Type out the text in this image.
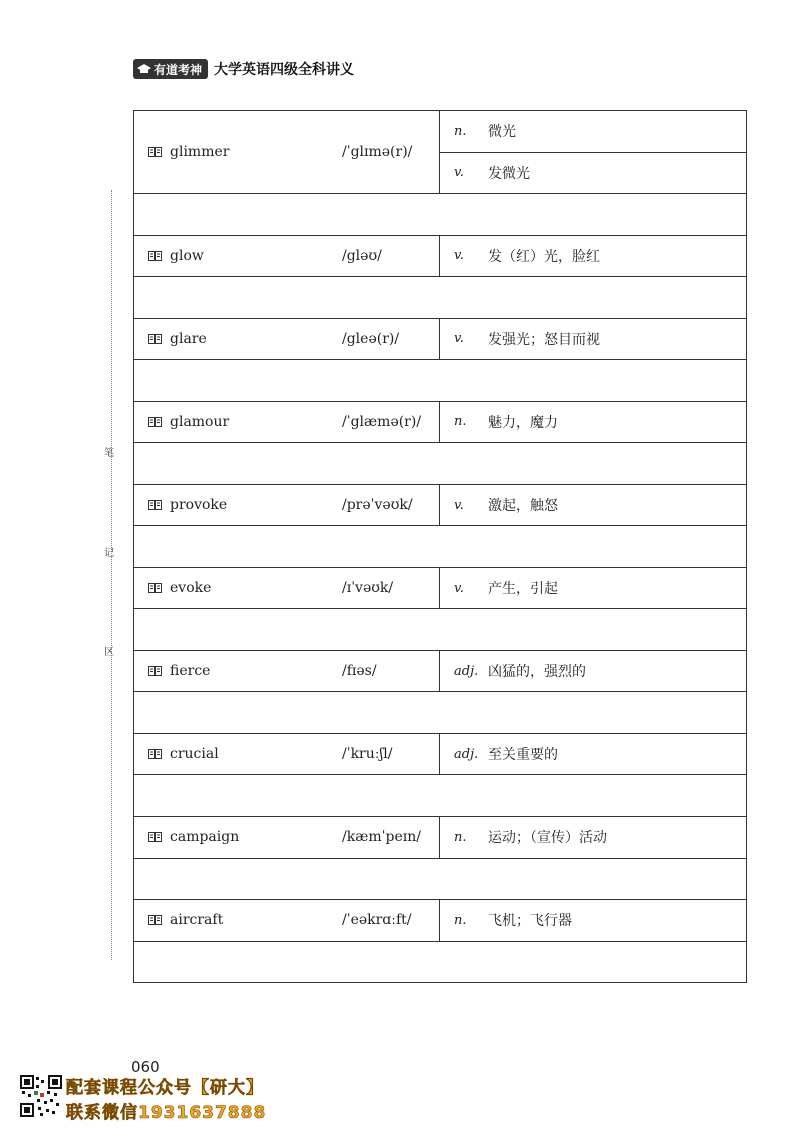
有道考神 大学英语四级全科讲义
笔
记
区
glimmer	/ˈglɪmə(r)/
n.	微光
v.	发微光
glow	/gləʊ/	v.	发（红）光，脸红
glare	/gleə(r)/	v.	发强光；怒目而视
glamour	/ˈglæmə(r)/	n.	魅力，魔力
provoke	/prəˈvəʊk/	v.	激起，触怒
evoke	/ɪˈvəʊk/	v.	产生，引起
fierce	/fɪəs/	adj. 凶猛的，强烈的
crucial	/ˈkruːʃl/	adj. 至关重要的
campaign	/kæmˈpeɪn/	n.	运动；（宣传）活动
aircraft	/ˈeəkrɑːft/	n.	飞机；飞行器
060
配套课程公众号【研大】
联系微信1931637888
